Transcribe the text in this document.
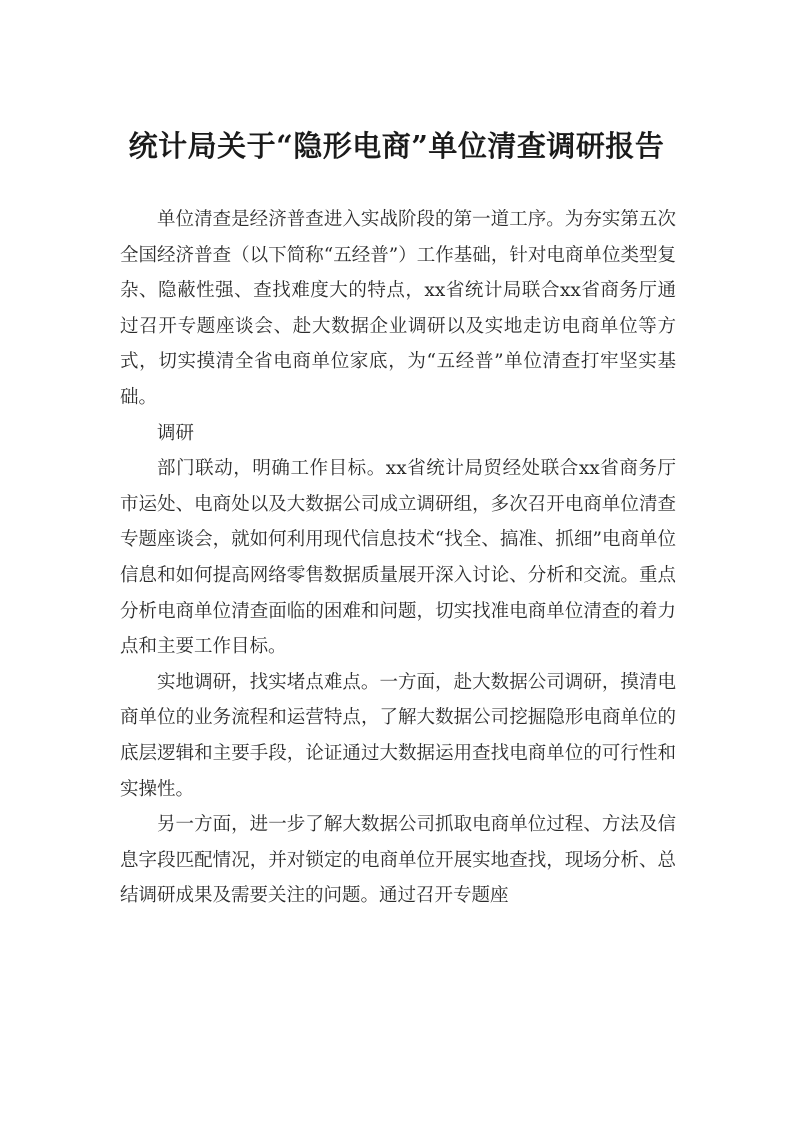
统计局关于“隐形电商”单位清查调研报告

单位清查是经济普查进入实战阶段的第一道工序。为夯实第五次全国经济普查（以下简称“五经普”）工作基础，针对电商单位类型复杂、隐蔽性强、查找难度大的特点，xx省统计局联合xx省商务厅通过召开专题座谈会、赴大数据企业调研以及实地走访电商单位等方式，切实摸清全省电商单位家底，为“五经普”单位清查打牢坚实基础。

调研

部门联动，明确工作目标。xx省统计局贸经处联合xx省商务厅市运处、电商处以及大数据公司成立调研组，多次召开电商单位清查专题座谈会，就如何利用现代信息技术“找全、搞准、抓细”电商单位信息和如何提高网络零售数据质量展开深入讨论、分析和交流。重点分析电商单位清查面临的困难和问题，切实找准电商单位清查的着力点和主要工作目标。

实地调研，找实堵点难点。一方面，赴大数据公司调研，摸清电商单位的业务流程和运营特点，了解大数据公司挖掘隐形电商单位的底层逻辑和主要手段，论证通过大数据运用查找电商单位的可行性和实操性。

另一方面，进一步了解大数据公司抓取电商单位过程、方法及信息字段匹配情况，并对锁定的电商单位开展实地查找，现场分析、总结调研成果及需要关注的问题。通过召开专题座
